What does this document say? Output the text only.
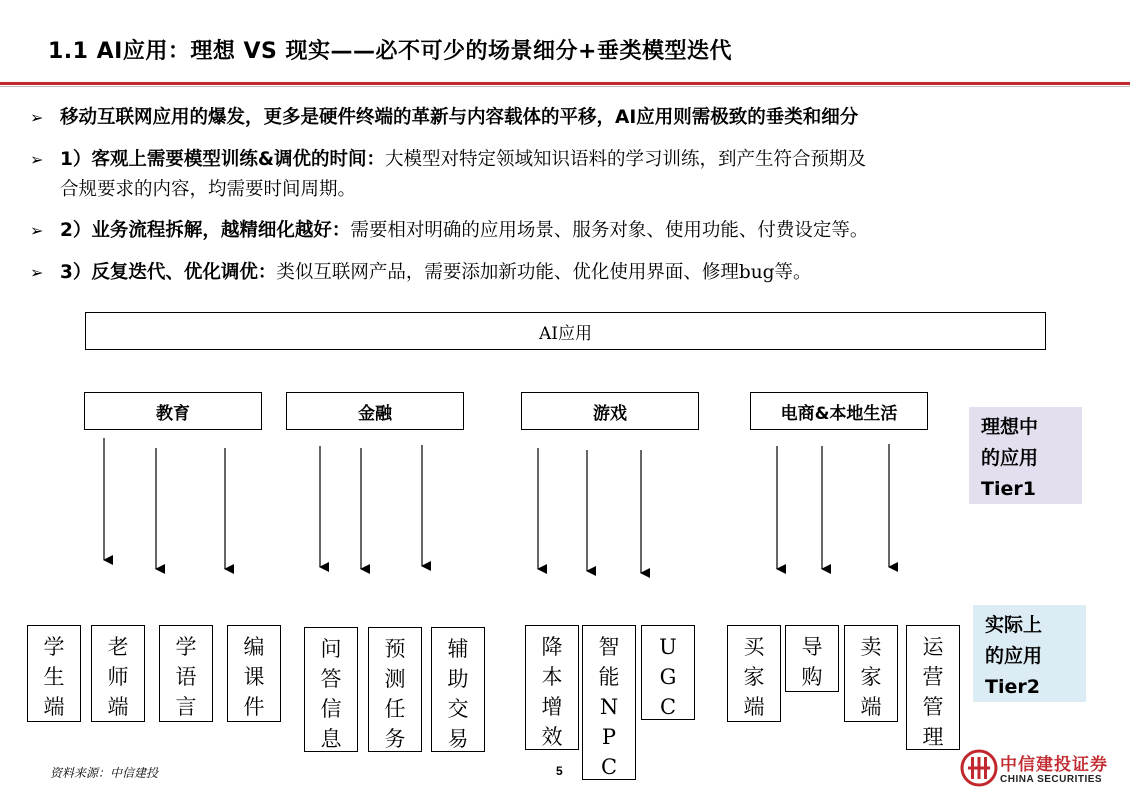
1.1 AI应用：理想 VS 现实——必不可少的场景细分+垂类模型迭代
➢ 移动互联网应用的爆发，更多是硬件终端的革新与内容载体的平移，AI应用则需极致的垂类和细分
➢ 1）客观上需要模型训练&调优的时间：大模型对特定领域知识语料的学习训练，到产生符合预期及
合规要求的内容，均需要时间周期。
➢ 2）业务流程拆解，越精细化越好：需要相对明确的应用场景、服务对象、使用功能、付费设定等。
➢ 3）反复迭代、优化调优：类似互联网产品，需要添加新功能、优化使用界面、修理bug等。
AI应用
教育	金融	游戏	电商&本地生活
学
生
端
老
师
端
学
语
言
编
课
件
问
答
信
息
预
测
任
务
辅
助
交
易
降
本
增
效
智
能
N
P
C
U
G
C
买
家
端
导
购
卖
家
端
运
营
管
理
理想中
的应用
Tier1
实际上
的应用
Tier2
资料来源：中信建投	5	中信建投证券
CHINA SECURITIES
